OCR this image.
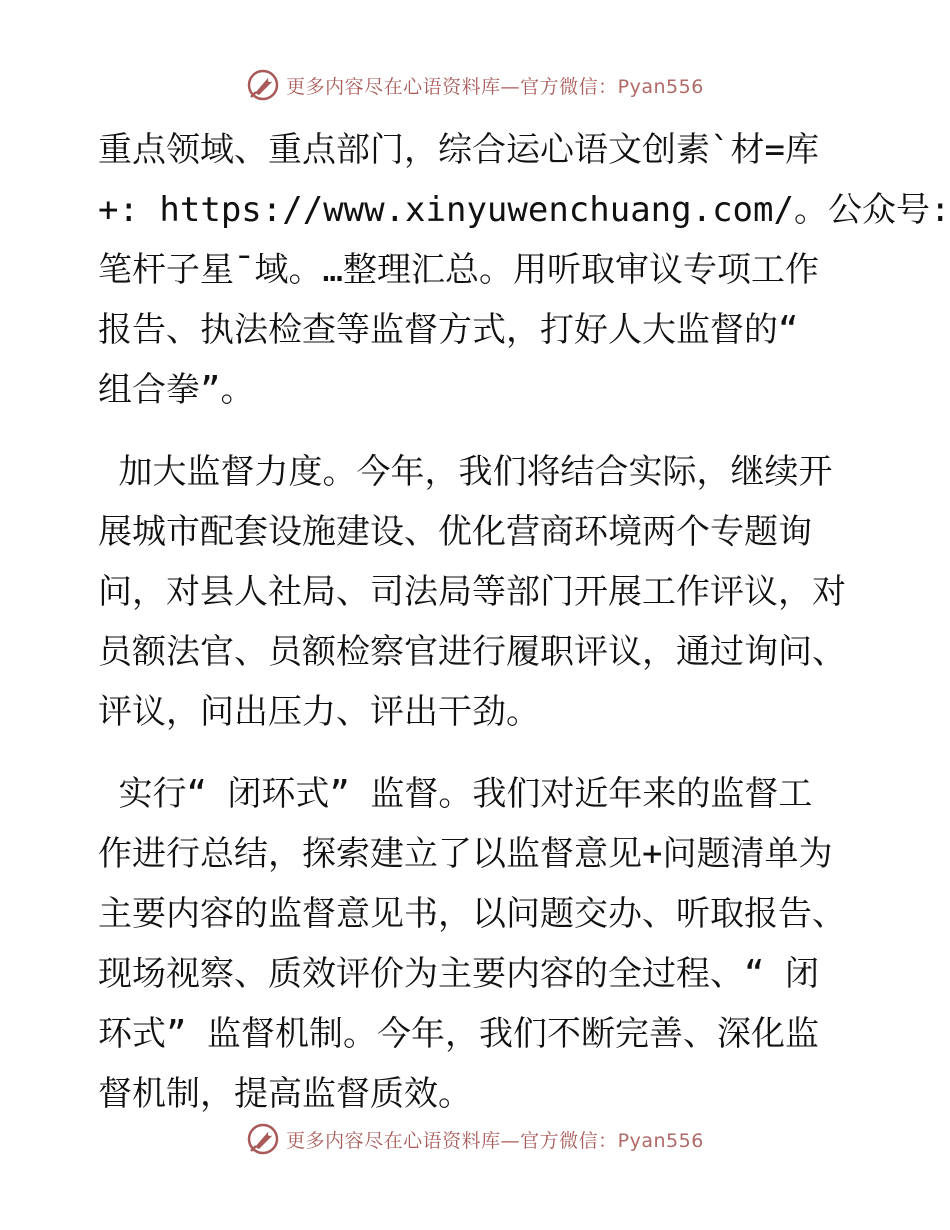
更多内容尽在心语资料库—官方微信：Pyan556
重点领域、重点部门，综合运心语文创素`材=库
+: https://www.xinyuwenchuang.com/。公众号:
笔杆子星¯域。…整理汇总。用听取审议专项工作
报告、执法检查等监督方式，打好人大监督的“
组合拳”。
加大监督力度。今年，我们将结合实际，继续开
展城市配套设施建设、优化营商环境两个专题询
问，对县人社局、司法局等部门开展工作评议，对
员额法官、员额检察官进行履职评议，通过询问、
评议，问出压力、评出干劲。
实行“ 闭环式” 监督。我们对近年来的监督工
作进行总结，探索建立了以监督意见+问题清单为
主要内容的监督意见书，以问题交办、听取报告、
现场视察、质效评价为主要内容的全过程、“ 闭
环式” 监督机制。今年，我们不断完善、深化监
督机制，提高监督质效。
更多内容尽在心语资料库—官方微信：Pyan556
